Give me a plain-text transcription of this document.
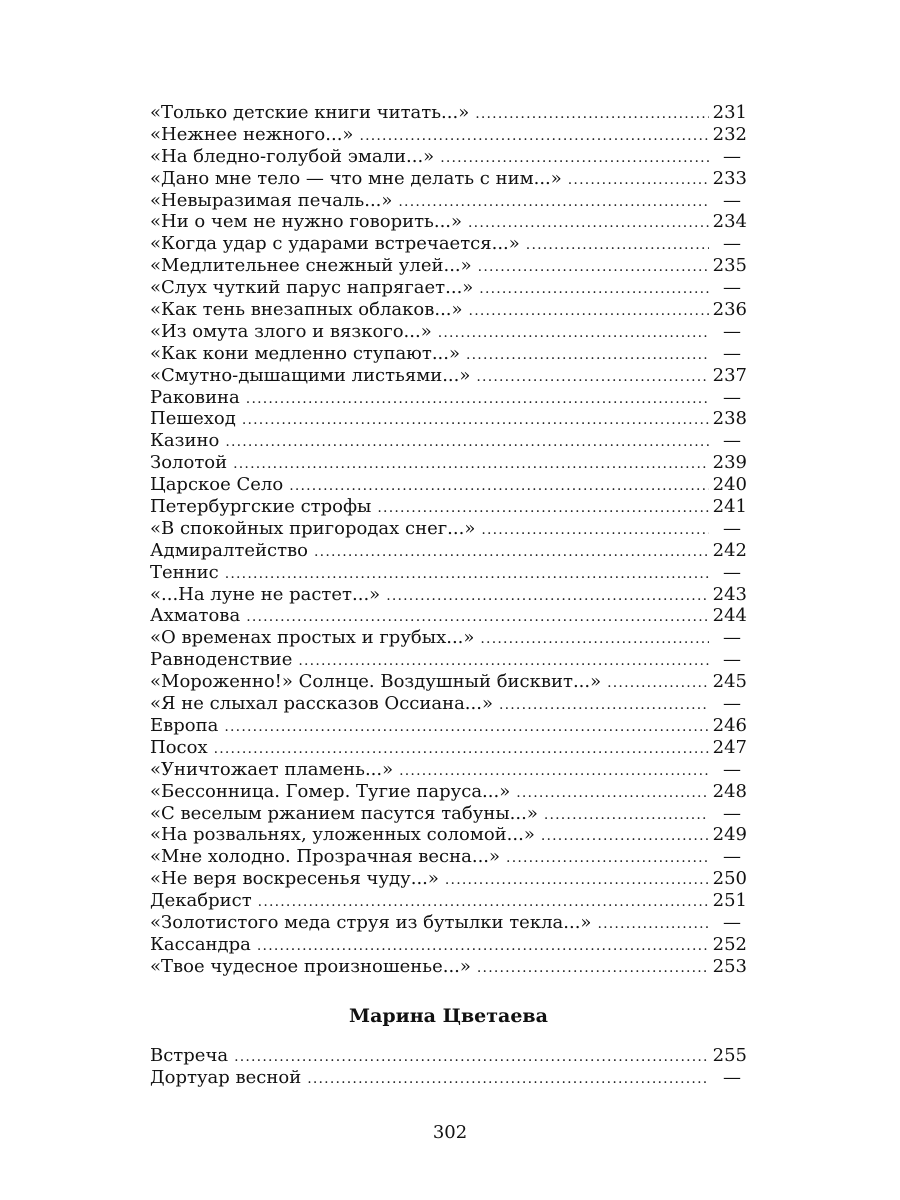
«Только детские книги читать...» .....	231
«Нежнее нежного...» .....	232
«На бледно-голубой эмали...» .....	—
«Дано мне тело — что мне делать с ним...» .....	233
«Невыразимая печаль...» .....	—
«Ни о чем не нужно говорить...» .....	234
«Когда удар с ударами встречается...» .....	—
«Медлительнее снежный улей...» .....	235
«Слух чуткий парус напрягает...» .....	—
«Как тень внезапных облаков...» .....	236
«Из омута злого и вязкого...» .....	—
«Как кони медленно ступают...» .....	—
«Смутно-дышащими листьями...» .....	237
Раковина .....	—
Пешеход .....	238
Казино .....	—
Золотой .....	239
Царское Село .....	240
Петербургские строфы .....	241
«В спокойных пригородах снег...» .....	—
Адмиралтейство .....	242
Теннис .....	—
«...На луне не растет...» .....	243
Ахматова .....	244
«О временах простых и грубых...» .....	—
Равноденствие .....	—
«Мороженно!» Солнце. Воздушный бисквит...» .....	245
«Я не слыхал рассказов Оссиана...» .....	—
Европа .....	246
Посох .....	247
«Уничтожает пламень...» .....	—
«Бессонница. Гомер. Тугие паруса...» .....	248
«С веселым ржанием пасутся табуны...» .....	—
«На розвальнях, уложенных соломой...» .....	249
«Мне холодно. Прозрачная весна...» .....	—
«Не веря воскресенья чуду...» .....	250
Декабрист .....	251
«Золотистого меда струя из бутылки текла...» .....	—
Кассандра .....	252
«Твое чудесное произношенье...» .....	253
Марина Цветаева
Встреча .....	255
Дортуар весной .....	—
302
